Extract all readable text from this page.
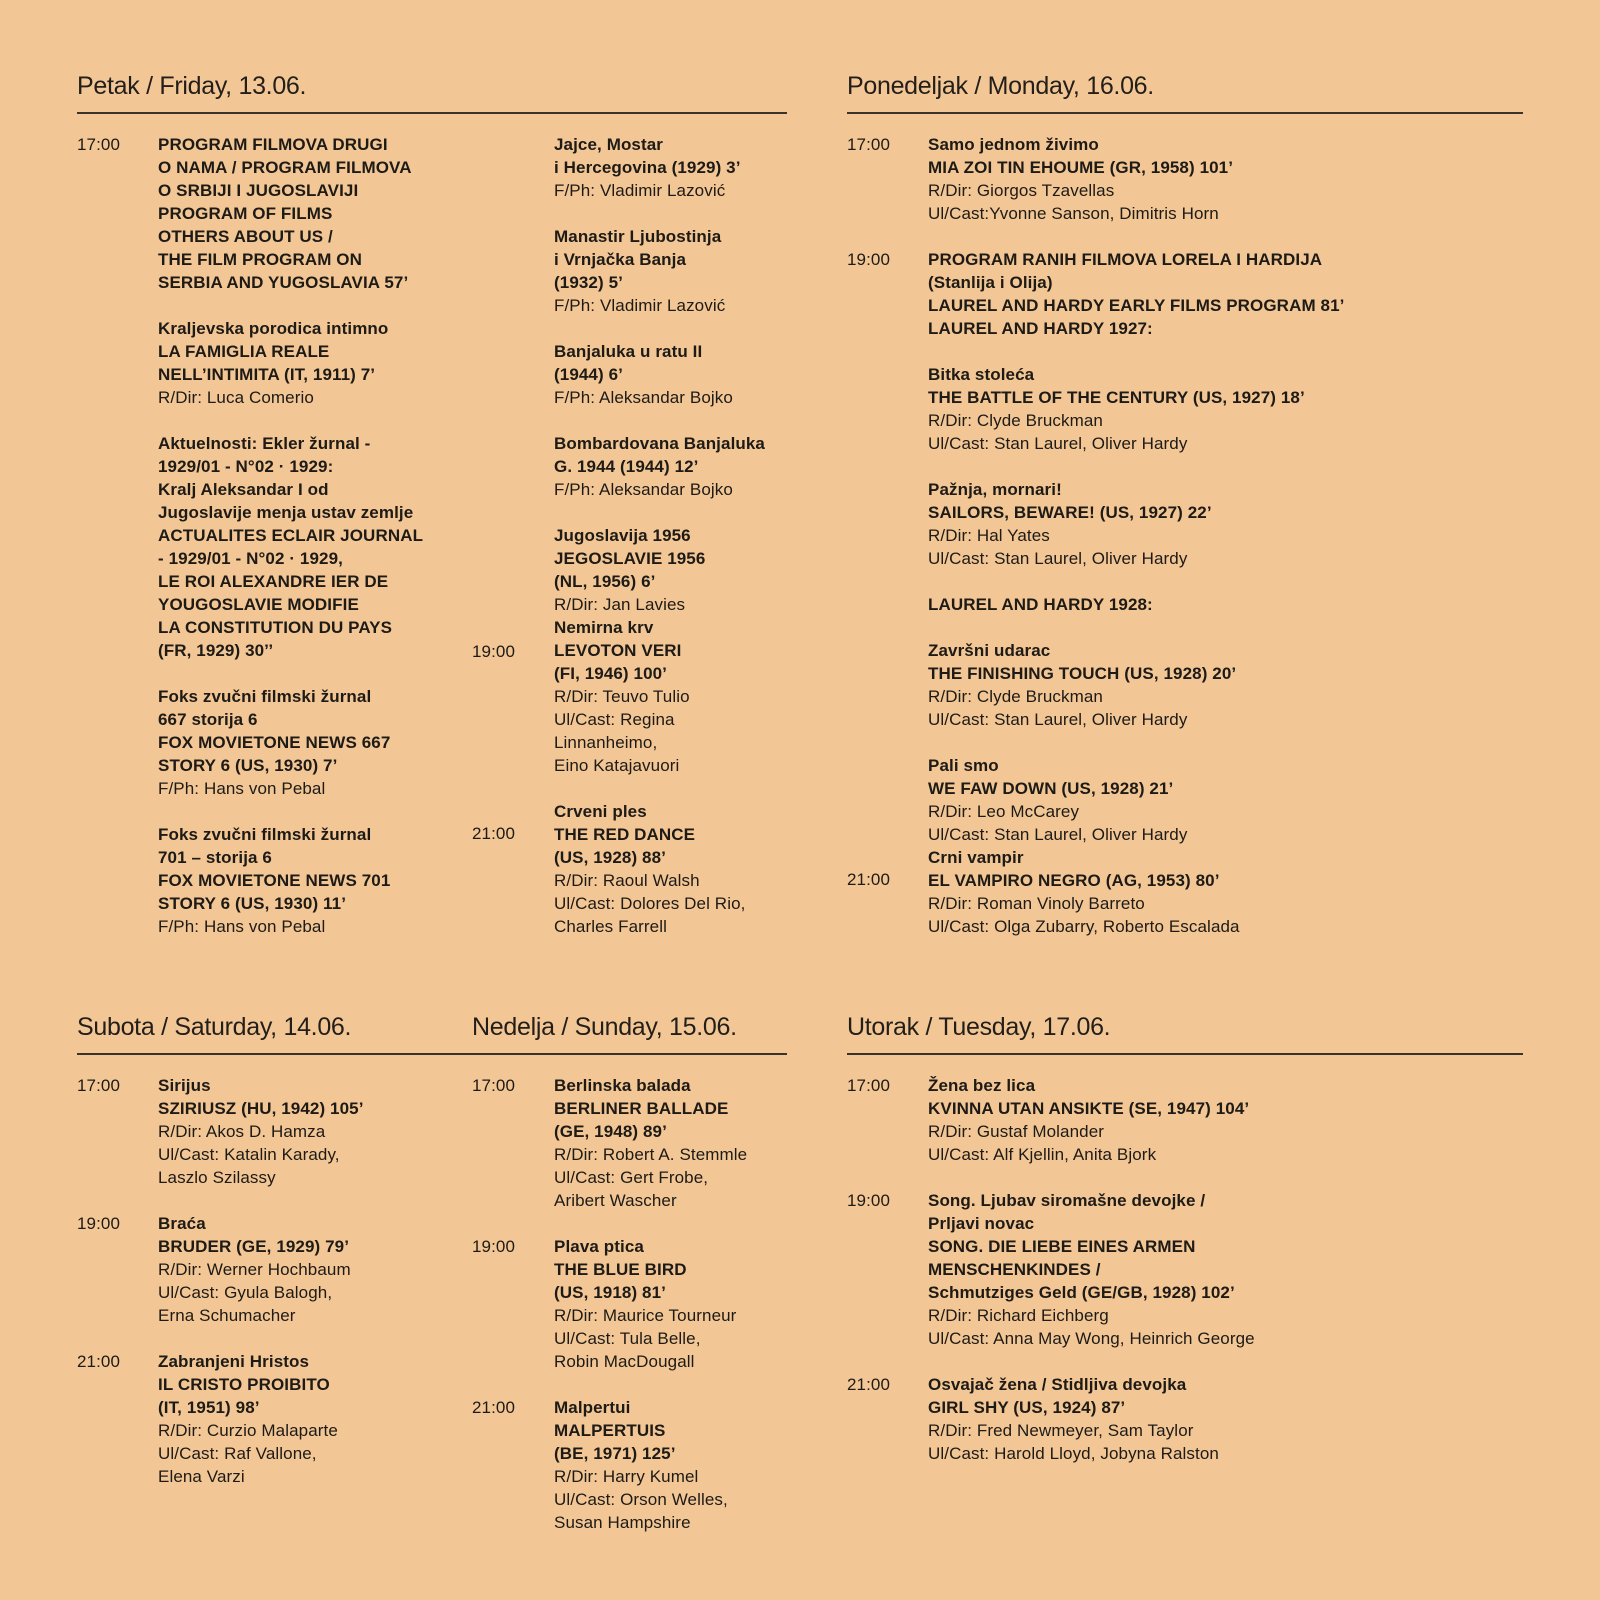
Petak / Friday, 13.06.
17:00
19:00
21:00
Ponedeljak / Monday, 16.06.
17:00
19:00
21:00
Subota / Saturday, 14.06.
17:00
19:00
21:00
Nedelja / Sunday, 15.06.
17:00
19:00
21:00
Utorak / Tuesday, 17.06.
17:00
19:00
21:00
PROGRAM FILMOVA DRUGI
O NAMA / PROGRAM FILMOVA
O SRBIJI I JUGOSLAVIJI
PROGRAM OF FILMS
OTHERS ABOUT US /
THE FILM PROGRAM ON
SERBIA AND YUGOSLAVIA 57’
Kraljevska porodica intimno
LA FAMIGLIA REALE
NELL’INTIMITA (IT, 1911) 7’
R/Dir: Luca Comerio
Aktuelnosti: Ekler žurnal -
1929/01 - N°02 · 1929:
Kralj Aleksandar I od
Jugoslavije menja ustav zemlje
ACTUALITES ECLAIR JOURNAL
- 1929/01 - N°02 · 1929,
LE ROI ALEXANDRE IER DE
YOUGOSLAVIE MODIFIE
LA CONSTITUTION DU PAYS
(FR, 1929) 30’’
Foks zvučni filmski žurnal
667 storija 6
FOX MOVIETONE NEWS 667
STORY 6 (US, 1930) 7’
F/Ph: Hans von Pebal
Foks zvučni filmski žurnal
701 – storija 6
FOX MOVIETONE NEWS 701
STORY 6 (US, 1930) 11’
F/Ph: Hans von Pebal
Jajce, Mostar
i Hercegovina (1929) 3’
F/Ph: Vladimir Lazović
Manastir Ljubostinja
i Vrnjačka Banja
(1932) 5’
F/Ph: Vladimir Lazović
Banjaluka u ratu II
(1944) 6’
F/Ph: Aleksandar Bojko
Bombardovana Banjaluka
G. 1944 (1944) 12’
F/Ph: Aleksandar Bojko
Jugoslavija 1956
JEGOSLAVIE 1956
(NL, 1956) 6’
R/Dir: Jan Lavies
Nemirna krv
LEVOTON VERI
(FI, 1946) 100’
R/Dir: Teuvo Tulio
Ul/Cast: Regina
Linnanheimo,
Eino Katajavuori
Crveni ples
THE RED DANCE
(US, 1928) 88’
R/Dir: Raoul Walsh
Ul/Cast: Dolores Del Rio,
Charles Farrell
Samo jednom živimo
MIA ZOI TIN EHOUME (GR, 1958) 101’
R/Dir: Giorgos Tzavellas
Ul/Cast:Yvonne Sanson, Dimitris Horn
PROGRAM RANIH FILMOVA LORELA I HARDIJA
(Stanlija i Olija)
LAUREL AND HARDY EARLY FILMS PROGRAM 81’
LAUREL AND HARDY 1927:
Bitka stoleća
THE BATTLE OF THE CENTURY (US, 1927) 18’
R/Dir: Clyde Bruckman
Ul/Cast: Stan Laurel, Oliver Hardy
Pažnja, mornari!
SAILORS, BEWARE! (US, 1927) 22’
R/Dir: Hal Yates
Ul/Cast: Stan Laurel, Oliver Hardy
LAUREL AND HARDY 1928:
Završni udarac
THE FINISHING TOUCH (US, 1928) 20’
R/Dir: Clyde Bruckman
Ul/Cast: Stan Laurel, Oliver Hardy
Pali smo
WE FAW DOWN (US, 1928) 21’
R/Dir: Leo McCarey
Ul/Cast: Stan Laurel, Oliver Hardy
Crni vampir
EL VAMPIRO NEGRO (AG, 1953) 80’
R/Dir: Roman Vinoly Barreto
Ul/Cast: Olga Zubarry, Roberto Escalada
Sirijus
SZIRIUSZ (HU, 1942) 105’
R/Dir: Akos D. Hamza
Ul/Cast: Katalin Karady,
Laszlo Szilassy
Braća
BRUDER (GE, 1929) 79’
R/Dir: Werner Hochbaum
Ul/Cast: Gyula Balogh,
Erna Schumacher
Zabranjeni Hristos
IL CRISTO PROIBITO
(IT, 1951) 98’
R/Dir: Curzio Malaparte
Ul/Cast: Raf Vallone,
Elena Varzi
Berlinska balada
BERLINER BALLADE
(GE, 1948) 89’
R/Dir: Robert A. Stemmle
Ul/Cast: Gert Frobe,
Aribert Wascher
Plava ptica
THE BLUE BIRD
(US, 1918) 81’
R/Dir: Maurice Tourneur
Ul/Cast: Tula Belle,
Robin MacDougall
Malpertui
MALPERTUIS
(BE, 1971) 125’
R/Dir: Harry Kumel
Ul/Cast: Orson Welles,
Susan Hampshire
Žena bez lica
KVINNA UTAN ANSIKTE (SE, 1947) 104’
R/Dir: Gustaf Molander
Ul/Cast: Alf Kjellin, Anita Bjork
Song. Ljubav siromašne devojke /
Prljavi novac
SONG. DIE LIEBE EINES ARMEN
MENSCHENKINDES /
Schmutziges Geld (GE/GB, 1928) 102’
R/Dir: Richard Eichberg
Ul/Cast: Anna May Wong, Heinrich George
Osvajač žena / Stidljiva devojka
GIRL SHY (US, 1924) 87’
R/Dir: Fred Newmeyer, Sam Taylor
Ul/Cast: Harold Lloyd, Jobyna Ralston
